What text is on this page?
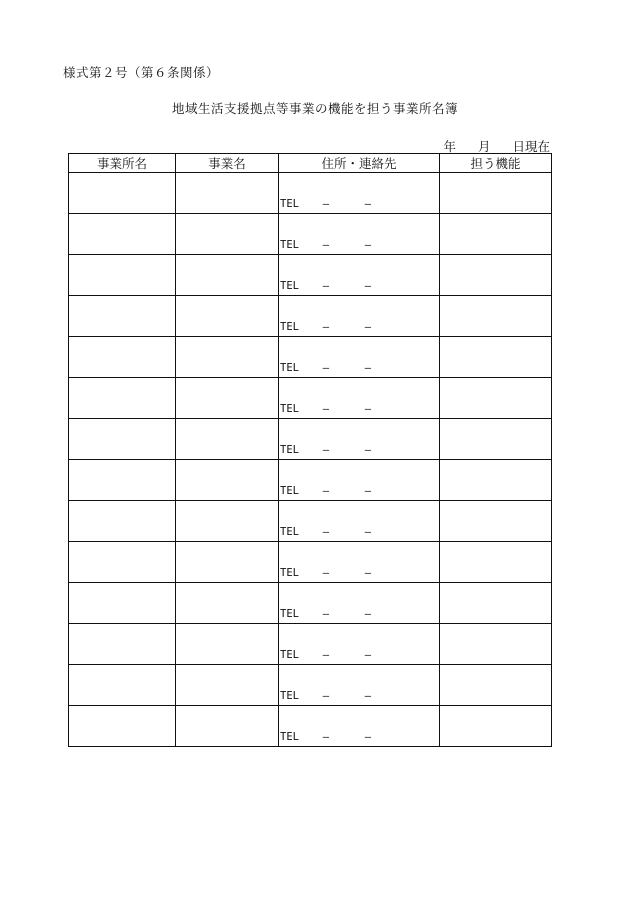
様式第２号（第６条関係）
地域生活支援拠点等事業の機能を担う事業所名簿
年 月 日現在
事業所名	事業名	住所・連絡先	担う機能

		TEL ― ―	

		TEL ― ―	

		TEL ― ―	

		TEL ― ―	

		TEL ― ―	

		TEL ― ―	

		TEL ― ―	

		TEL ― ―	

		TEL ― ―	

		TEL ― ―	

		TEL ― ―	

		TEL ― ―	

		TEL ― ―	

		TEL ― ―	
